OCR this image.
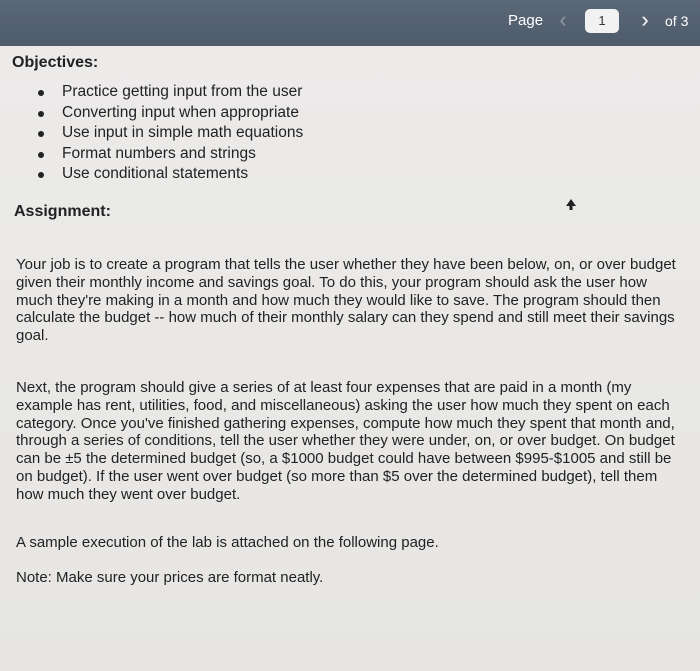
Page ‹	1	›	of 3
Objectives:
Practice getting input from the user
Converting input when appropriate
Use input in simple math equations
Format numbers and strings
Use conditional statements
Assignment:

Your job is to create a program that tells the user whether they have been below, on, or over budget given their monthly income and savings goal. To do this, your program should ask the user how much they're making in a month and how much they would like to save. The program should then calculate the budget -- how much of their monthly salary can they spend and still meet their savings goal.

Next, the program should give a series of at least four expenses that are paid in a month (my example has rent, utilities, food, and miscellaneous) asking the user how much they spent on each category. Once you've finished gathering expenses, compute how much they spent that month and, through a series of conditions, tell the user whether they were under, on, or over budget. On budget can be ±5 the determined budget (so, a $1000 budget could have between $995-$1005 and still be on budget). If the user went over budget (so more than $5 over the determined budget), tell them how much they went over budget.

A sample execution of the lab is attached on the following page.

Note: Make sure your prices are format neatly.
